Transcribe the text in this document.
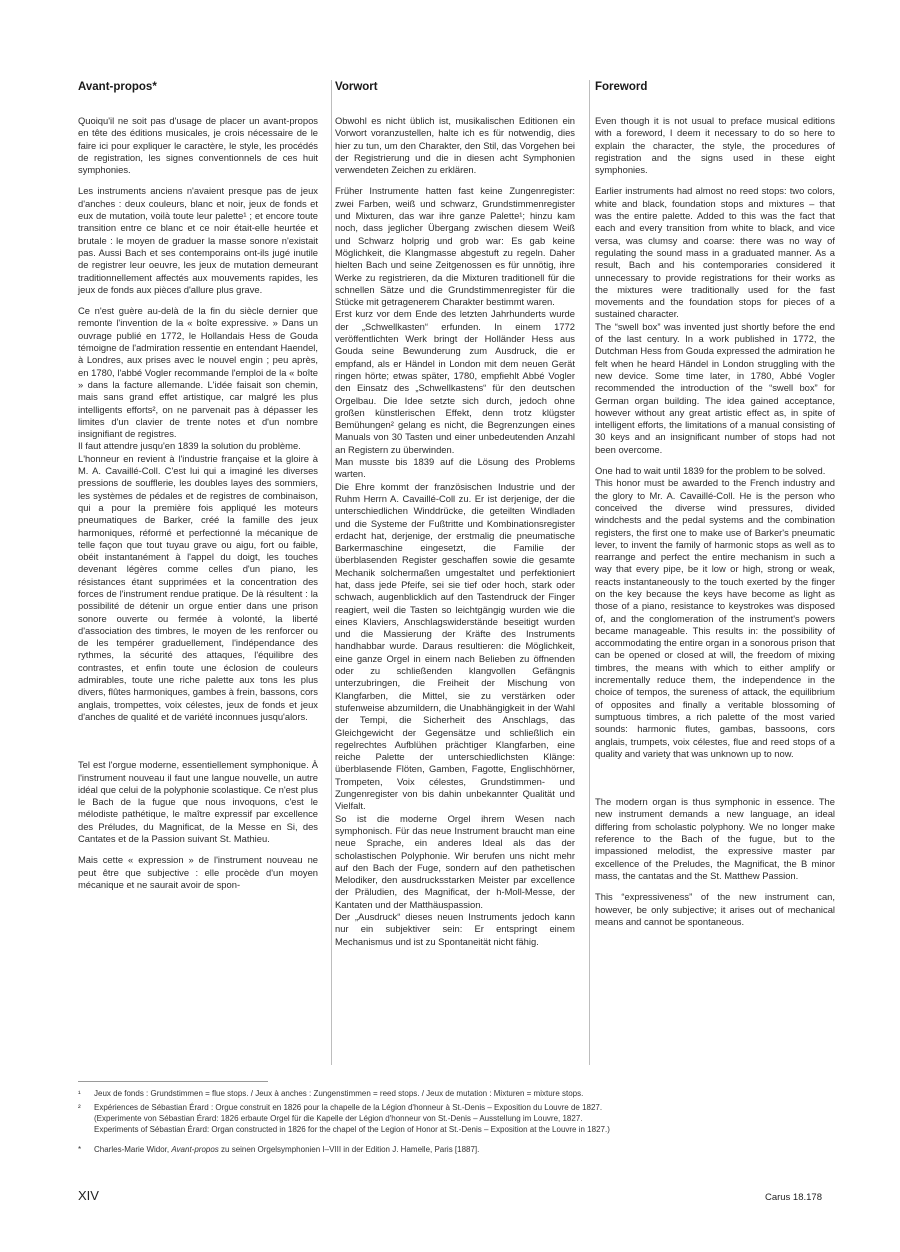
Avant-propos*

Quoiqu'il ne soit pas d'usage de placer un avant-propos en tête des éditions musicales, je crois nécessaire de le faire ici pour expliquer le caractère, le style, les procédés de registration, les signes conventionnels de ces huit symphonies.

Les instruments anciens n'avaient presque pas de jeux d'anches : deux couleurs, blanc et noir, jeux de fonds et eux de mutation, voilà toute leur palette¹ ; et encore toute transition entre ce blanc et ce noir était-elle heurtée et brutale : le moyen de graduer la masse sonore n'existait pas. Aussi Bach et ses contemporains ont-ils jugé inutile de registrer leur oeuvre, les jeux de mutation demeurant traditionnellement affectés aux mouvements rapides, les jeux de fonds aux pièces d'allure plus grave.

Ce n'est guère au-delà de la fin du siècle dernier que remonte l'invention de la « boîte expressive. » Dans un ouvrage publié en 1772, le Hollandais Hess de Gouda témoigne de l'admiration ressentie en entendant Haendel, à Londres, aux prises avec le nouvel engin ; peu après, en 1780, l'abbé Vogler recommande l'emploi de la « boîte » dans la facture allemande. L'idée faisait son chemin, mais sans grand effet artistique, car malgré les plus intelligents efforts², on ne parvenait pas à dépasser les limites d'un clavier de trente notes et d'un nombre insignifiant de registres.

Il faut attendre jusqu'en 1839 la solution du problème.

L'honneur en revient à l'industrie française et la gloire à M. A. Cavaillé-Coll. C'est lui qui a imaginé les diverses pressions de soufflerie, les doubles layes des sommiers, les systèmes de pédales et de registres de combinaison, qui a pour la première fois appliqué les moteurs pneumatiques de Barker, créé la famille des jeux harmoniques, réformé et perfectionné la mécanique de telle façon que tout tuyau grave ou aigu, fort ou faible, obéit instantanément à l'appel du doigt, les touches devenant légères comme celles d'un piano, les résistances étant supprimées et la concentration des forces de l'instrument rendue pratique. De là résultent : la possibilité de détenir un orgue entier dans une prison sonore ouverte ou fermée à volonté, la liberté d'association des timbres, le moyen de les renforcer ou de les tempérer graduellement, l'indépendance des rythmes, la sécurité des attaques, l'équilibre des contrastes, et enfin toute une éclosion de couleurs admirables, toute une riche palette aux tons les plus divers, flûtes harmoniques, gambes à frein, bassons, cors anglais, trompettes, voix célestes, jeux de fonds et jeux d'anches de qualité et de variété inconnues jusqu'alors.

Tel est l'orgue moderne, essentiellement symphonique. À l'instrument nouveau il faut une langue nouvelle, un autre idéal que celui de la polyphonie scolastique. Ce n'est plus le Bach de la fugue que nous invoquons, c'est le mélodiste pathétique, le maître expressif par excellence des Préludes, du Magnificat, de la Messe en Si, des Cantates et de la Passion suivant St. Mathieu.

Mais cette « expression » de l'instrument nouveau ne peut être que subjective : elle procède d'un moyen mécanique et ne saurait avoir de spon-

Vorwort

Obwohl es nicht üblich ist, musikalischen Editionen ein Vorwort voranzustellen, halte ich es für notwendig, dies hier zu tun, um den Charakter, den Stil, das Vorgehen bei der Registrierung und die in diesen acht Symphonien verwendeten Zeichen zu erklären.

Früher Instrumente hatten fast keine Zungenregister: zwei Farben, weiß und schwarz, Grundstimmenregister und Mixturen, das war ihre ganze Palette¹; hinzu kam noch, dass jeglicher Übergang zwischen diesem Weiß und Schwarz holprig und grob war: Es gab keine Möglichkeit, die Klangmasse abgestuft zu regeln. Daher hielten Bach und seine Zeitgenossen es für unnötig, ihre Werke zu registrieren, da die Mixturen traditionell für die schnellen Sätze und die Grundstimmenregister für die Stücke mit getragenerem Charakter bestimmt waren.

Erst kurz vor dem Ende des letzten Jahrhunderts wurde der „Schwellkasten“ erfunden. In einem 1772 veröffentlichten Werk bringt der Holländer Hess aus Gouda seine Bewunderung zum Ausdruck, die er empfand, als er Händel in London mit dem neuen Gerät ringen hörte; etwas später, 1780, empfiehlt Abbé Vogler den Einsatz des „Schwellkastens“ für den deutschen Orgelbau. Die Idee setzte sich durch, jedoch ohne großen künstlerischen Effekt, denn trotz klügster Bemühungen² gelang es nicht, die Begrenzungen eines Manuals von 30 Tasten und einer unbedeutenden Anzahl an Registern zu überwinden.

Man musste bis 1839 auf die Lösung des Problems warten.

Die Ehre kommt der französischen Industrie und der Ruhm Herrn A. Cavaillé-Coll zu. Er ist derjenige, der die unterschiedlichen Winddrücke, die geteilten Windladen und die Systeme der Fußtritte und Kombinationsregister erdacht hat, derjenige, der erstmalig die pneumatische Barkermaschine eingesetzt, die Familie der überblasenden Register geschaffen sowie die gesamte Mechanik solchermaßen umgestaltet und perfektioniert hat, dass jede Pfeife, sei sie tief oder hoch, stark oder schwach, augenblicklich auf den Tastendruck der Finger reagiert, weil die Tasten so leichtgängig wurden wie die eines Klaviers, Anschlagswiderstände beseitigt wurden und die Massierung der Kräfte des Instruments handhabbar wurde. Daraus resultieren: die Möglichkeit, eine ganze Orgel in einem nach Belieben zu öffnenden oder zu schließenden klangvollen Gefängnis unterzubringen, die Freiheit der Mischung von Klangfarben, die Mittel, sie zu verstärken oder stufenweise abzumildern, die Unabhängigkeit in der Wahl der Tempi, die Sicherheit des Anschlags, das Gleichgewicht der Gegensätze und schließlich ein regelrechtes Aufblühen prächtiger Klangfarben, eine reiche Palette der unterschiedlichsten Klänge: überblasende Flöten, Gamben, Fagotte, Englischhörner, Trompeten, Voix célestes, Grundstimmen- und Zungenregister von bis dahin unbekannter Qualität und Vielfalt.

So ist die moderne Orgel ihrem Wesen nach symphonisch. Für das neue Instrument braucht man eine neue Sprache, ein anderes Ideal als das der scholastischen Polyphonie. Wir berufen uns nicht mehr auf den Bach der Fuge, sondern auf den pathetischen Melodiker, den ausdrucksstarken Meister par excellence der Präludien, des Magnificat, der h-Moll-Messe, der Kantaten und der Matthäuspassion.

Der „Ausdruck“ dieses neuen Instruments jedoch kann nur ein subjektiver sein: Er entspringt einem Mechanismus und ist zu Spontaneität nicht fähig.

Foreword

Even though it is not usual to preface musical editions with a foreword, I deem it necessary to do so here to explain the character, the style, the procedures of registration and the signs used in these eight symphonies.

Earlier instruments had almost no reed stops: two colors, white and black, foundation stops and mixtures – that was the entire palette. Added to this was the fact that each and every transition from white to black, and vice versa, was clumsy and coarse: there was no way of regulating the sound mass in a graduated manner. As a result, Bach and his contemporaries considered it unnecessary to provide registrations for their works as the mixtures were traditionally used for the fast movements and the foundation stops for pieces of a sustained character.

The “swell box” was invented just shortly before the end of the last century. In a work published in 1772, the Dutchman Hess from Gouda expressed the admiration he felt when he heard Händel in London struggling with the new device. Some time later, in 1780, Abbé Vogler recommended the introduction of the “swell box” for German organ building. The idea gained acceptance, however without any great artistic effect as, in spite of intelligent efforts, the limitations of a manual consisting of 30 keys and an insignificant number of stops had not been overcome.

One had to wait until 1839 for the problem to be solved.

This honor must be awarded to the French industry and the glory to Mr. A. Cavaillé-Coll. He is the person who conceived the diverse wind pressures, divided windchests and the pedal systems and the combination registers, the first one to make use of Barker's pneumatic lever, to invent the family of harmonic stops as well as to rearrange and perfect the entire mechanism in such a way that every pipe, be it low or high, strong or weak, reacts instantaneously to the touch exerted by the finger on the key because the keys have become as light as those of a piano, resistance to keystrokes was disposed of, and the conglomeration of the instrument's powers became manageable. This results in: the possibility of accommodating the entire organ in a sonorous prison that can be opened or closed at will, the freedom of mixing timbres, the means with which to either amplify or incrementally reduce them, the independence in the choice of tempos, the sureness of attack, the equilibrium of opposites and finally a veritable blossoming of sumptuous timbres, a rich palette of the most varied sounds: harmonic flutes, gambas, bassoons, cors anglais, trumpets, voix célestes, flue and reed stops of a quality and variety that was unknown up to now.

The modern organ is thus symphonic in essence. The new instrument demands a new language, an ideal differing from scholastic polyphony. We no longer make reference to the Bach of the fugue, but to the impassioned melodist, the expressive master par excellence of the Preludes, the Magnificat, the B minor mass, the cantatas and the St. Matthew Passion.

This “expressiveness” of the new instrument can, however, be only subjective; it arises out of mechanical means and cannot be spontaneous.

¹ Jeux de fonds : Grundstimmen = flue stops. / Jeux à anches : Zungenstimmen = reed stops. / Jeux de mutation : Mixturen = mixture stops.
² Expériences de Sébastian Érard : Orgue construit en 1826 pour la chapelle de la Légion d'honneur à St.-Denis – Exposition du Louvre de 1827.
(Experimente von Sébastian Érard: 1826 erbaute Orgel für die Kapelle der Légion d'honneur von St.-Denis – Ausstellung im Louvre, 1827.
Experiments of Sébastian Érard: Organ constructed in 1826 for the chapel of the Legion of Honor at St.-Denis – Exposition at the Louvre in 1827.)
* Charles-Marie Widor, Avant-propos zu seinen Orgelsymphonien I–VIII in der Edition J. Hamelle, Paris [1887].
XIV	Carus 18.178
